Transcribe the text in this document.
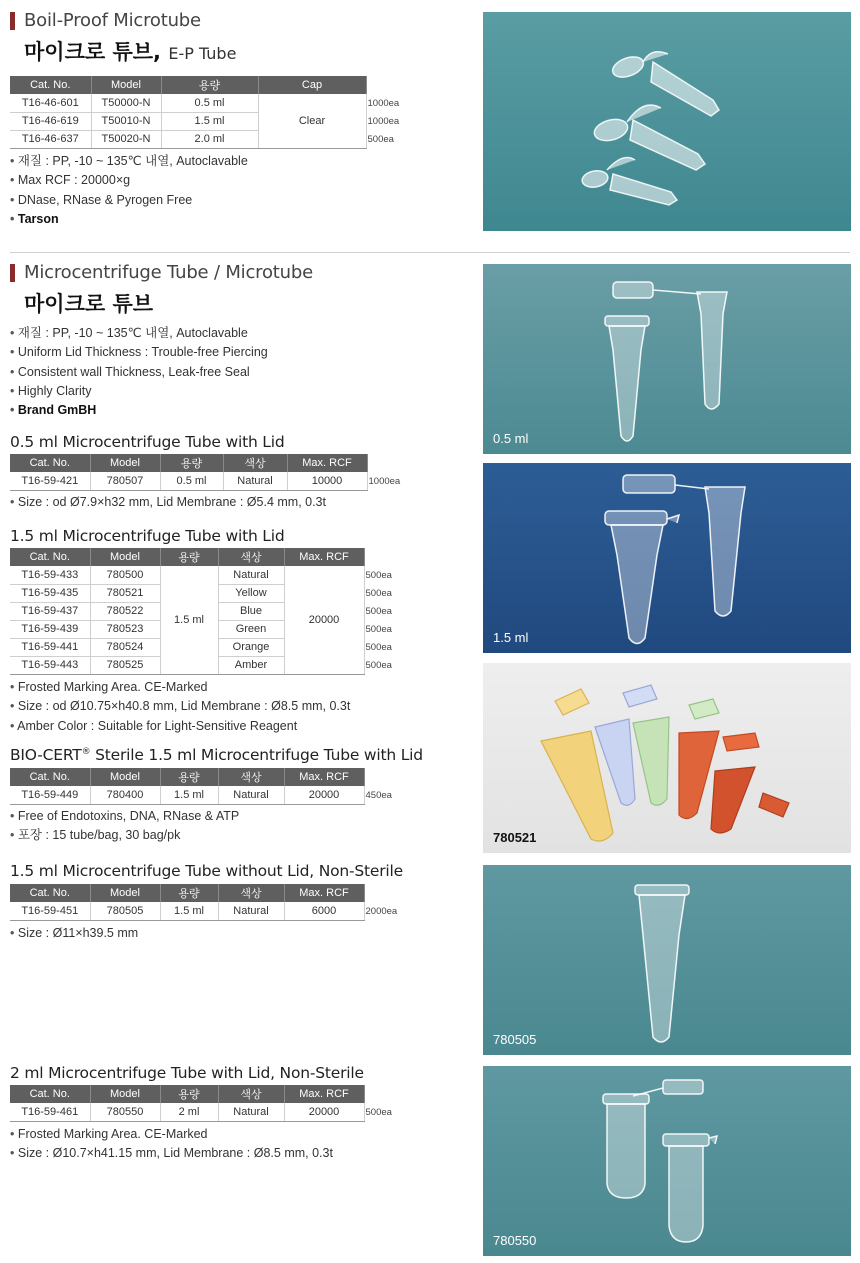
Boil-Proof Microtube
마이크로 튜브, E-P Tube
Cat. No.	Model	용량	Cap	
T16-46-601	T50000-N	0.5 ml	Clear	1000ea
T16-46-619	T50010-N	1.5 ml		1000ea
T16-46-637	T50020-N	2.0 ml		500ea
• 재질 : PP, -10 ~ 135℃ 내열, Autoclavable
• Max RCF : 20000×g
• DNase, RNase & Pyrogen Free
• Tarson
Microcentrifuge Tube / Microtube
마이크로 튜브
• 재질 : PP, -10 ~ 135℃ 내열, Autoclavable
• Uniform Lid Thickness : Trouble-free Piercing
• Consistent wall Thickness, Leak-free Seal
• Highly Clarity
• Brand GmBH
0.5 ml Microcentrifuge Tube with Lid
Cat. No.	Model	용량	색상	Max. RCF	
T16-59-421	780507	0.5 ml	Natural	10000	1000ea
• Size : od Ø7.9×h32 mm, Lid Membrane : Ø5.4 mm, 0.3t
1.5 ml Microcentrifuge Tube with Lid
Cat. No.	Model	용량	색상	Max. RCF	
T16-59-433	780500	1.5 ml	Natural	20000	500ea
T16-59-435	780521		Yellow		500ea
T16-59-437	780522		Blue		500ea
T16-59-439	780523		Green		500ea
T16-59-441	780524		Orange		500ea
T16-59-443	780525		Amber		500ea
• Frosted Marking Area. CE-Marked
• Size : od Ø10.75×h40.8 mm, Lid Membrane : Ø8.5 mm, 0.3t
• Amber Color : Suitable for Light-Sensitive Reagent
BIO-CERT® Sterile 1.5 ml Microcentrifuge Tube with Lid
Cat. No.	Model	용량	색상	Max. RCF	
T16-59-449	780400	1.5 ml	Natural	20000	450ea
• Free of Endotoxins, DNA, RNase & ATP
• 포장 : 15 tube/bag, 30 bag/pk
1.5 ml Microcentrifuge Tube without Lid, Non-Sterile
Cat. No.	Model	용량	색상	Max. RCF	
T16-59-451	780505	1.5 ml	Natural	6000	2000ea
• Size : Ø11×h39.5 mm
2 ml Microcentrifuge Tube with Lid, Non-Sterile
Cat. No.	Model	용량	색상	Max. RCF	
T16-59-461	780550	2 ml	Natural	20000	500ea
• Frosted Marking Area. CE-Marked
• Size : Ø10.7×h41.15 mm, Lid Membrane : Ø8.5 mm, 0.3t
0.5 ml
1.5 ml
780521
780505
780550
